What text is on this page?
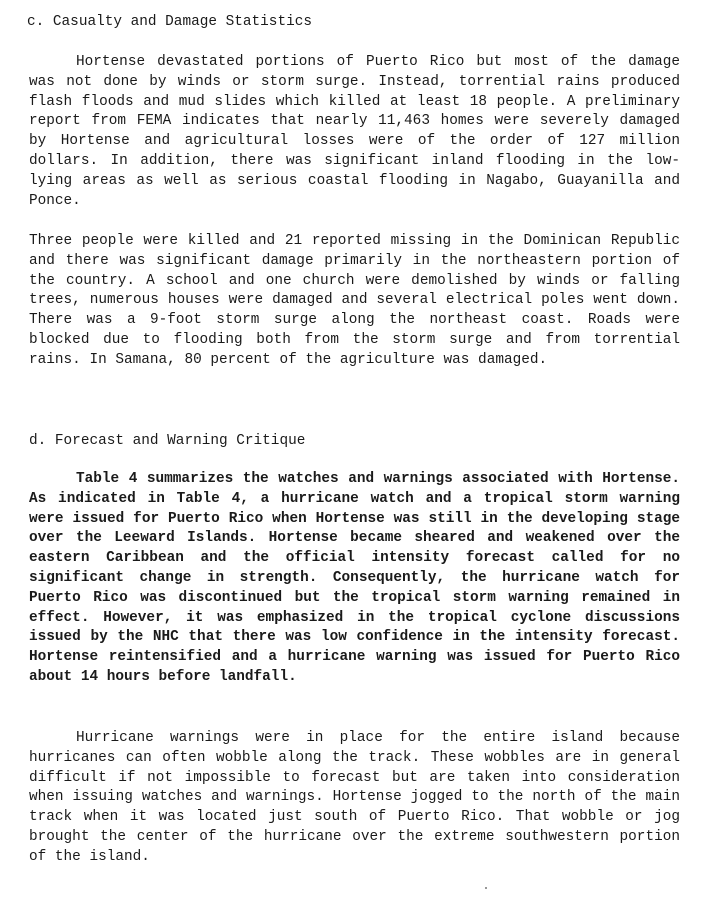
c. Casualty and Damage Statistics

Hortense devastated portions of Puerto Rico but most of the damage was not done by winds or storm surge. Instead, torrential rains produced flash floods and mud slides which killed at least 18 people. A preliminary report from FEMA indicates that nearly 11,463 homes were severely damaged by Hortense and agricultural losses were of the order of 127 million dollars. In addition, there was significant inland flooding in the low-lying areas as well as serious coastal flooding in Nagabo, Guayanilla and Ponce.

Three people were killed and 21 reported missing in the Dominican Republic and there was significant damage primarily in the northeastern portion of the country. A school and one church were demolished by winds or falling trees, numerous houses were damaged and several electrical poles went down. There was a 9-foot storm surge along the northeast coast. Roads were blocked due to flooding both from the storm surge and from torrential rains. In Samana, 80 percent of the agriculture was damaged.

d. Forecast and Warning Critique

Table 4 summarizes the watches and warnings associated with Hortense. As indicated in Table 4, a hurricane watch and a tropical storm warning were issued for Puerto Rico when Hortense was still in the developing stage over the Leeward Islands. Hortense became sheared and weakened over the eastern Caribbean and the official intensity forecast called for no significant change in strength. Consequently, the hurricane watch for Puerto Rico was discontinued but the tropical storm warning remained in effect. However, it was emphasized in the tropical cyclone discussions issued by the NHC that there was low confidence in the intensity forecast. Hortense reintensified and a hurricane warning was issued for Puerto Rico about 14 hours before landfall.

Hurricane warnings were in place for the entire island because hurricanes can often wobble along the track. These wobbles are in general difficult if not impossible to forecast but are taken into consideration when issuing watches and warnings. Hortense jogged to the north of the main track when it was located just south of Puerto Rico. That wobble or jog brought the center of the hurricane over the extreme southwestern portion of the island.
